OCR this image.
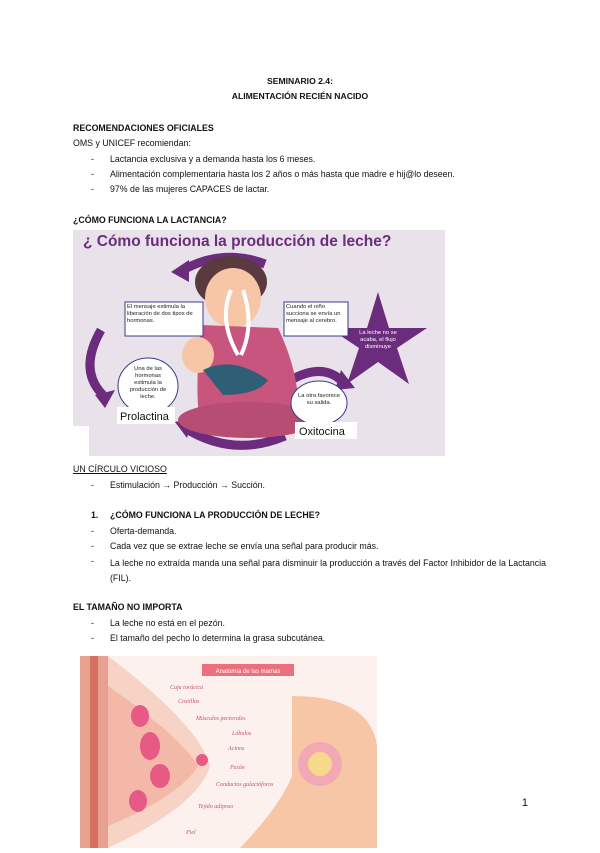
SEMINARIO 2.4:
ALIMENTACIÓN RECIÉN NACIDO
RECOMENDACIONES OFICIALES
OMS y UNICEF recomiendan:
- Lactancia exclusiva y a demanda hasta los 6 meses.
- Alimentación complementaria hasta los 2 años o más hasta que madre e hij@lo deseen.
- 97% de las mujeres CAPACES de lactar.
¿CÓMO FUNCIONA LA LACTANCIA?
¿ Cómo funciona la producción de leche?
La leche no se acaba, el flujo disminuye
El mensaje estimula la liberación de dos tipos de hormonas.
Cuando el niño succiona se envía un mensaje al cerebro.
Una de las hormonas estimula la producción de leche.	La otra favorece su salida.
Prolactina
Oxitocina
UN CÍRCULO VICIOSO
- Estimulación → Producción → Succión.
1. ¿CÓMO FUNCIONA LA PRODUCCIÓN DE LECHE?
- Oferta-demanda.
- Cada vez que se extrae leche se envía una señal para producir más.
- La leche no extraída manda una señal para disminuir la producción a través del Factor Inhibidor de la Lactancia (FIL).
EL TAMAÑO NO IMPORTA
- La leche no está en el pezón.
- El tamaño del pecho lo determina la grasa subcutánea.
Anatomía de las mamas
Caja torácica
Costillas
Músculos pectorales
Lóbulos
Acinos
Pezón
Conductos galactóforos
Tejido adiposo
Piel
1
